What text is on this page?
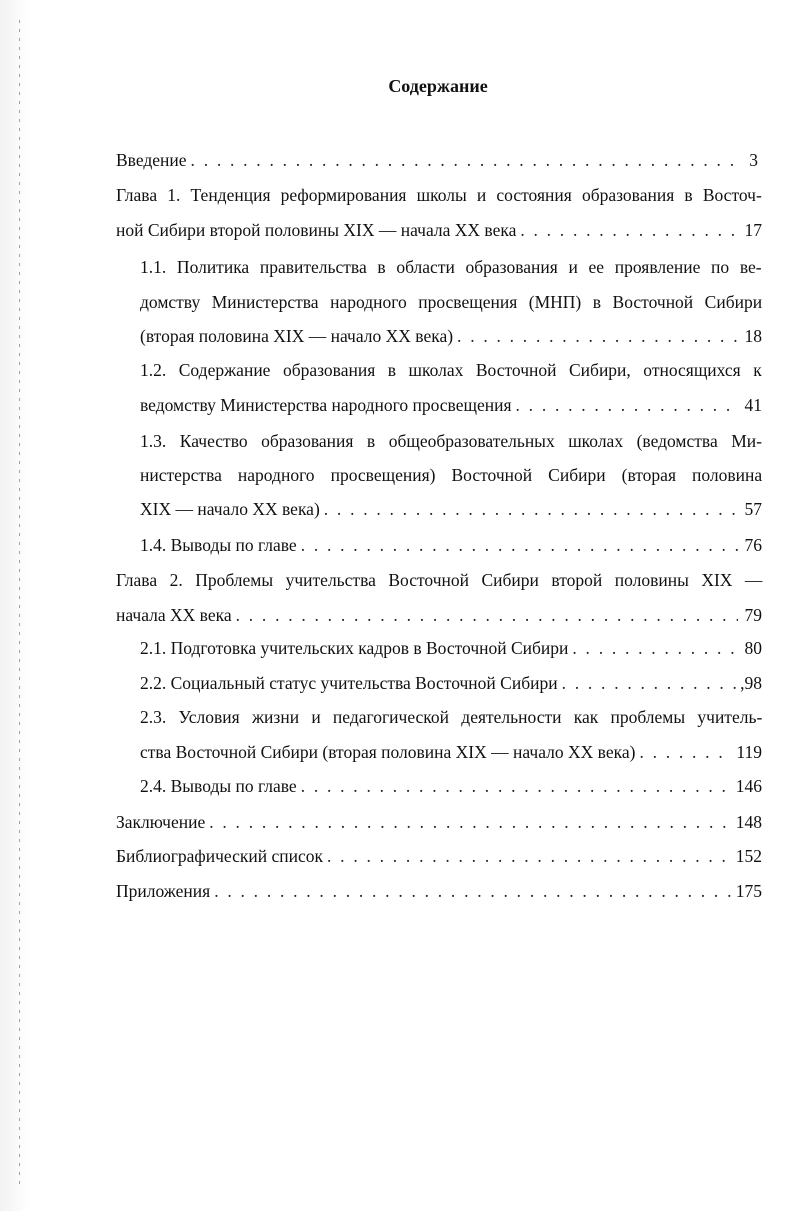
Содержание
Введение . . .	3
Глава 1. Тенденция реформирования школы и состояния образования в Восточ-
ной Сибири второй половины XIX — начала XX века . . .	17
1.1. Политика правительства в области образования и ее проявление по ве-
домству Министерства народного просвещения (МНП) в Восточной Сибири
(вторая половина XIX — начало XX века) . . .	18
1.2. Содержание образования в школах Восточной Сибири, относящихся к
ведомству Министерства народного просвещения . . .	41
1.3. Качество образования в общеобразовательных школах (ведомства Ми-
нистерства народного просвещения) Восточной Сибири (вторая половина
XIX — начало XX века) . . .	57
1.4. Выводы по главе . . .	76
Глава 2. Проблемы учительства Восточной Сибири второй половины XIX —
начала XX века . . .	79
2.1. Подготовка учительских кадров в Восточной Сибири . . .	80
2.2. Социальный статус учительства Восточной Сибири . . .	,98
2.3. Условия жизни и педагогической деятельности как проблемы учитель-
ства Восточной Сибири (вторая половина XIX — начало XX века) . . .	119
2.4. Выводы по главе . . .	146
Заключение . . .	148
Библиографический список . . .	152
Приложения . . .	175
